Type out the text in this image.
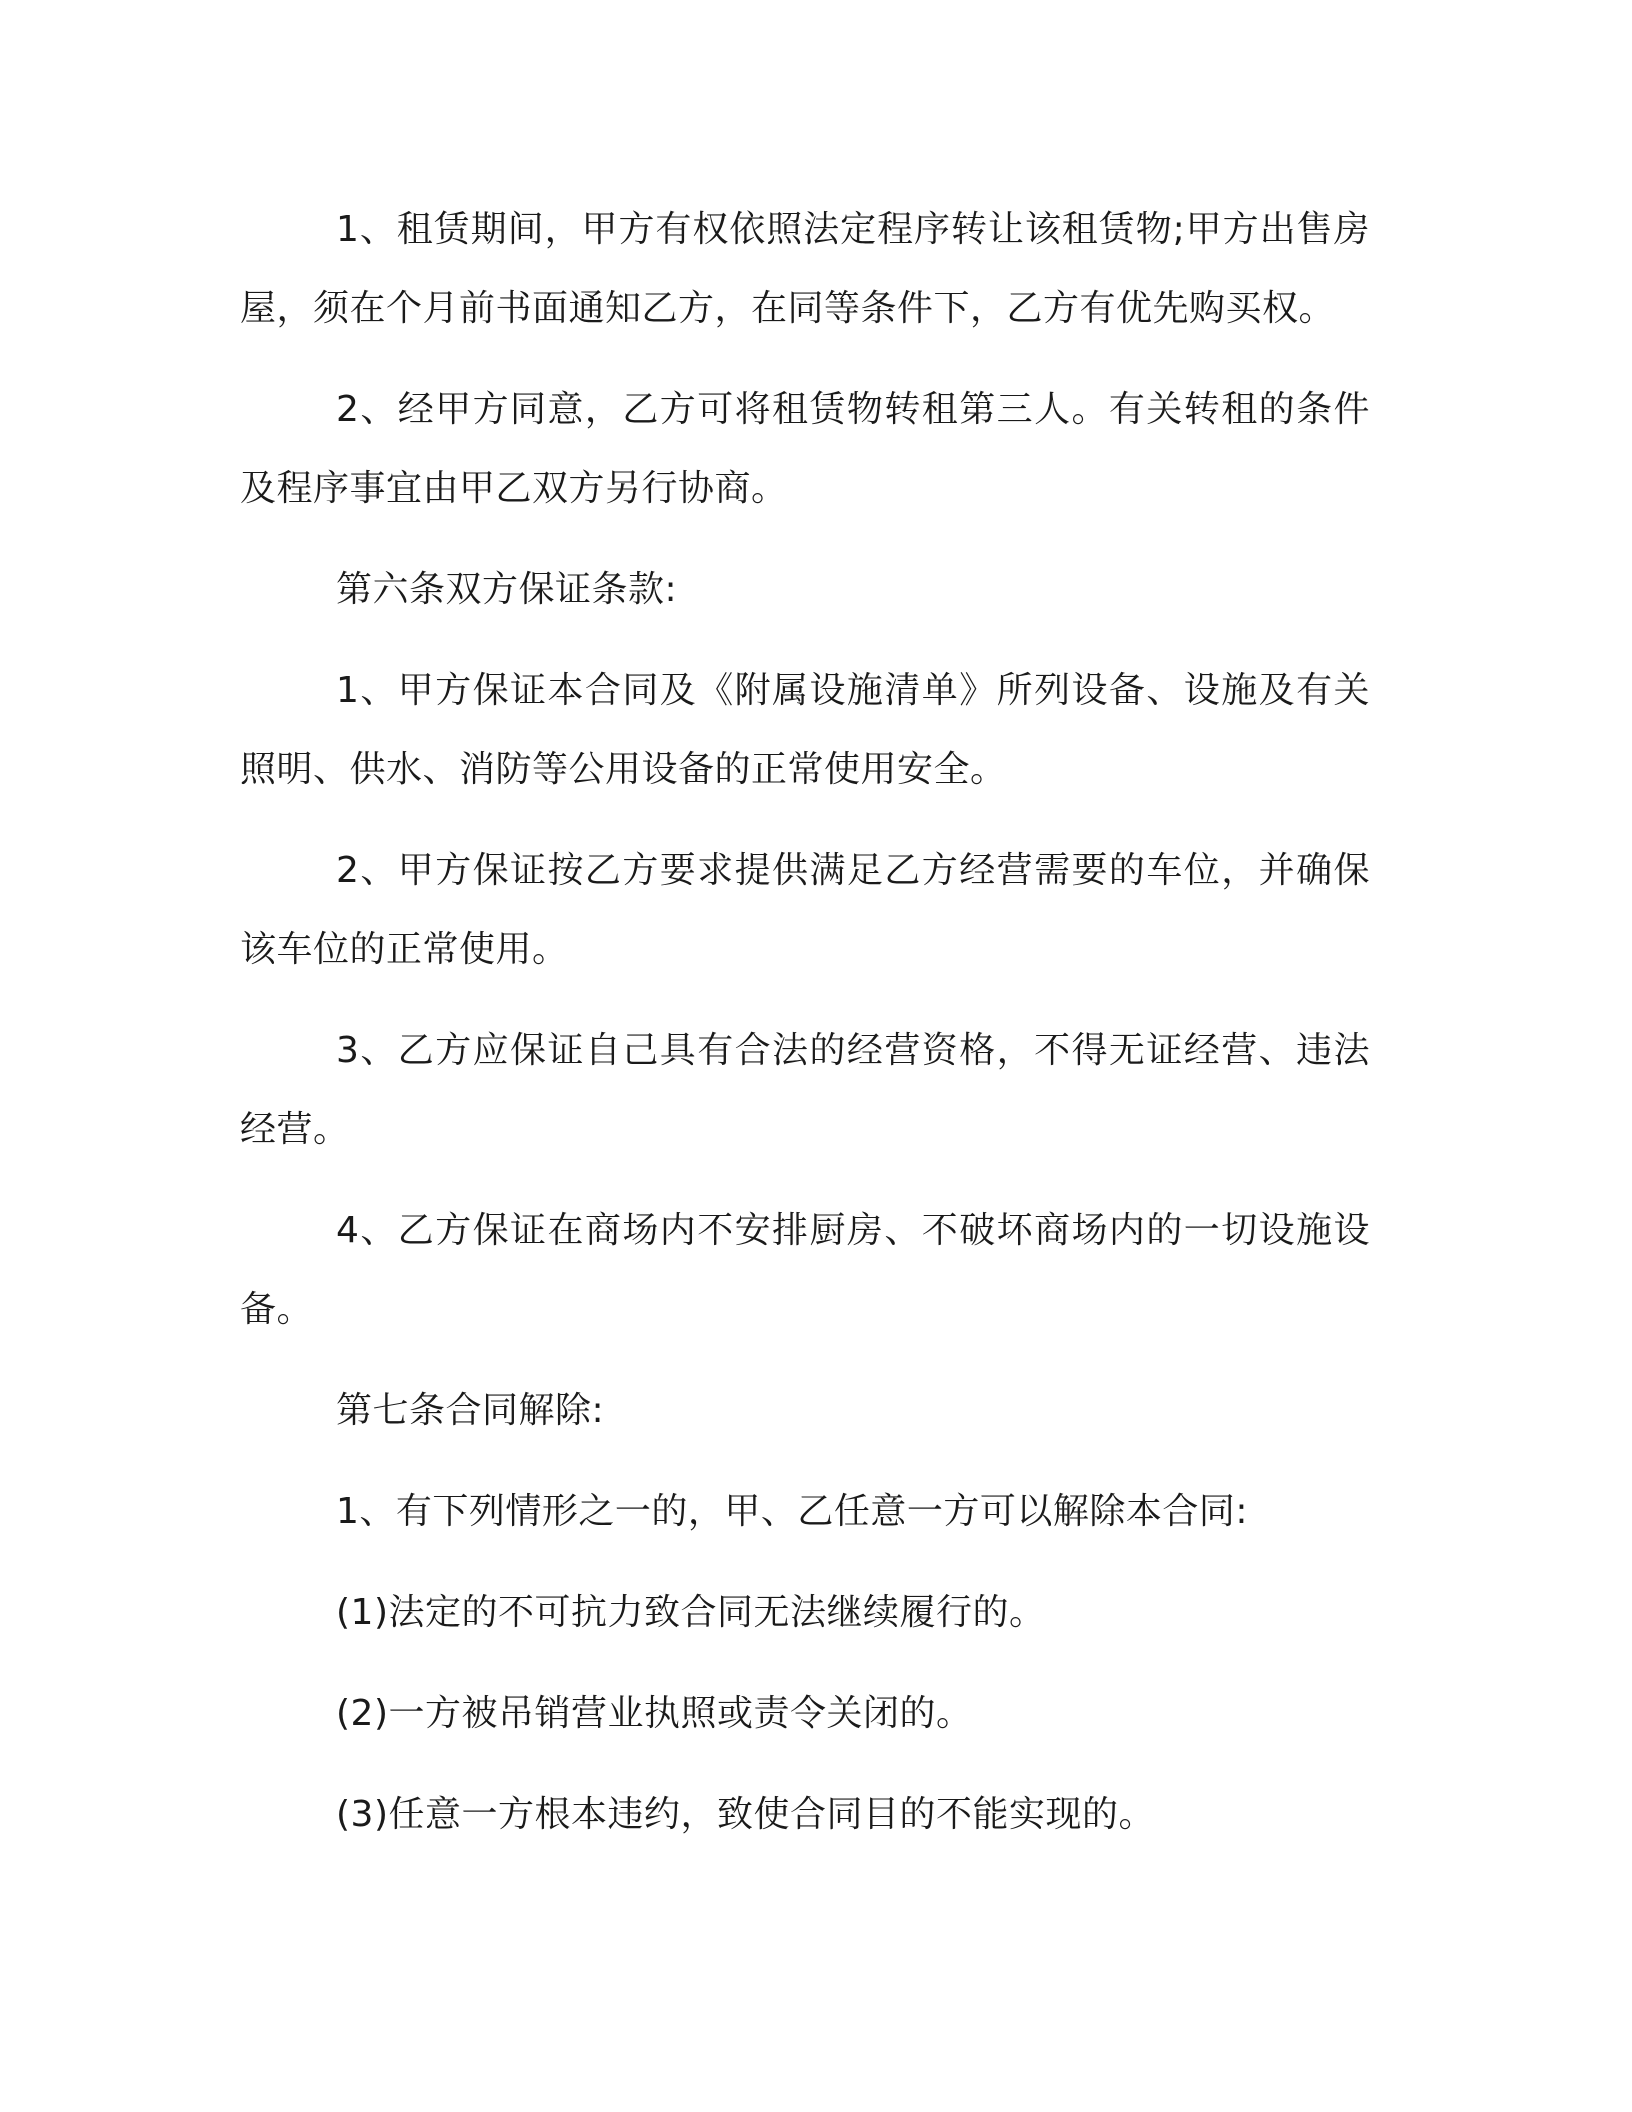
1、租赁期间，甲方有权依照法定程序转让该租赁物;甲方出售房屋，须在个月前书面通知乙方，在同等条件下，乙方有优先购买权。

2、经甲方同意，乙方可将租赁物转租第三人。有关转租的条件及程序事宜由甲乙双方另行协商。

第六条双方保证条款:

1、甲方保证本合同及《附属设施清单》所列设备、设施及有关照明、供水、消防等公用设备的正常使用安全。

2、甲方保证按乙方要求提供满足乙方经营需要的车位，并确保该车位的正常使用。

3、乙方应保证自己具有合法的经营资格，不得无证经营、违法经营。

4、乙方保证在商场内不安排厨房、不破坏商场内的一切设施设备。

第七条合同解除:

1、有下列情形之一的，甲、乙任意一方可以解除本合同:

(1)法定的不可抗力致合同无法继续履行的。

(2)一方被吊销营业执照或责令关闭的。

(3)任意一方根本违约，致使合同目的不能实现的。
